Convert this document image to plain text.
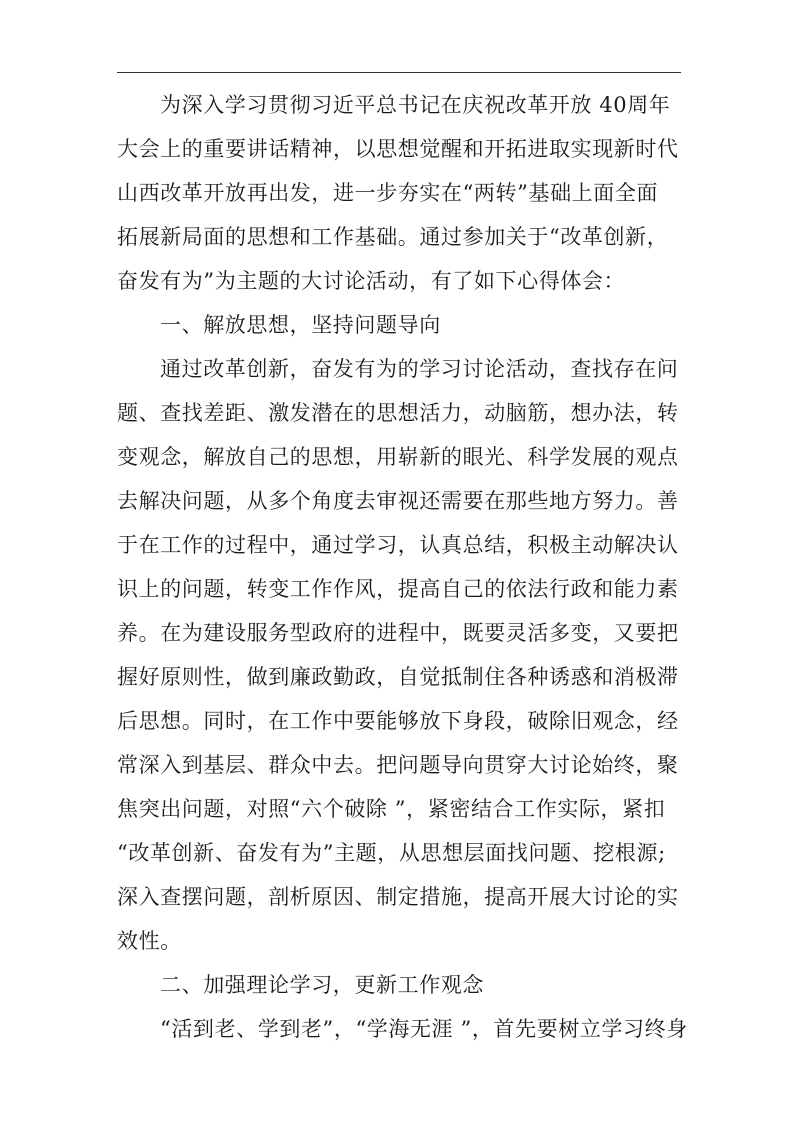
为深入学习贯彻习近平总书记在庆祝改革开放 40周年
大会上的重要讲话精神，以思想觉醒和开拓进取实现新时代
山西改革开放再出发，进一步夯实在“两转”基础上面全面
拓展新局面的思想和工作基础。通过参加关于“改革创新，
奋发有为”为主题的大讨论活动，有了如下心得体会：
一、解放思想，坚持问题导向
通过改革创新，奋发有为的学习讨论活动，查找存在问
题、查找差距、激发潜在的思想活力，动脑筋，想办法，转
变观念，解放自己的思想，用崭新的眼光、科学发展的观点
去解决问题，从多个角度去审视还需要在那些地方努力。善
于在工作的过程中，通过学习，认真总结，积极主动解决认
识上的问题，转变工作作风，提高自己的依法行政和能力素
养。在为建设服务型政府的进程中，既要灵活多变，又要把
握好原则性，做到廉政勤政，自觉抵制住各种诱惑和消极滞
后思想。同时，在工作中要能够放下身段，破除旧观念，经
常深入到基层、群众中去。把问题导向贯穿大讨论始终，聚
焦突出问题，对照“六个破除 ”，紧密结合工作实际，紧扣
“改革创新、奋发有为”主题，从思想层面找问题、挖根源;
深入查摆问题，剖析原因、制定措施，提高开展大讨论的实
效性。
二、加强理论学习，更新工作观念
“活到老、学到老”，“学海无涯 ”，首先要树立学习终身
